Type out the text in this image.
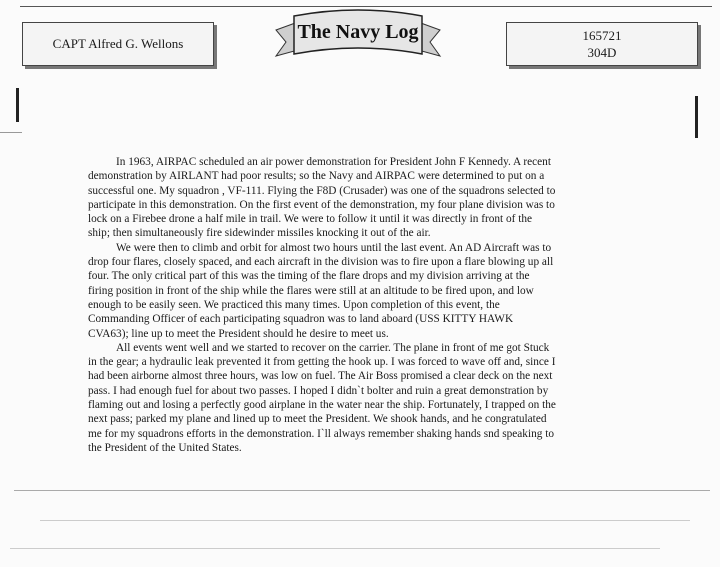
CAPT Alfred G. Wellons
The Navy Log	165721
304D

In 1963, AIRPAC scheduled an air power demonstration for President John F Kennedy. A recent demonstration by AIRLANT had poor results; so the Navy and AIRPAC were determined to put on a successful one. My squadron , VF-111. Flying the F8D (Crusader) was one of the squadrons selected to participate in this demonstration. On the first event of the demonstration, my four plane division was to lock on a Firebee drone a half mile in trail. We were to follow it until it was directly in front of the ship; then simultaneously fire sidewinder missiles knocking it out of the air.

We were then to climb and orbit for almost two hours until the last event. An AD Aircraft was to drop four flares, closely spaced, and each aircraft in the division was to fire upon a flare blowing up all four. The only critical part of this was the timing of the flare drops and my division arriving at the firing position in front of the ship while the flares were still at an altitude to be fired upon, and low enough to be easily seen. We practiced this many times. Upon completion of this event, the Commanding Officer of each participating squadron was to land aboard (USS KITTY HAWK CVA63); line up to meet the President should he desire to meet us.

All events went well and we started to recover on the carrier. The plane in front of me got Stuck in the gear; a hydraulic leak prevented it from getting the hook up. I was forced to wave off and, since I had been airborne almost three hours, was low on fuel. The Air Boss promised a clear deck on the next pass. I had enough fuel for about two passes. I hoped I didn`t bolter and ruin a great demonstration by flaming out and losing a perfectly good airplane in the water near the ship. Fortunately, I trapped on the next pass; parked my plane and lined up to meet the President. We shook hands, and he congratulated me for my squadrons efforts in the demonstration. I`ll always remember shaking hands snd speaking to the President of the United States.
